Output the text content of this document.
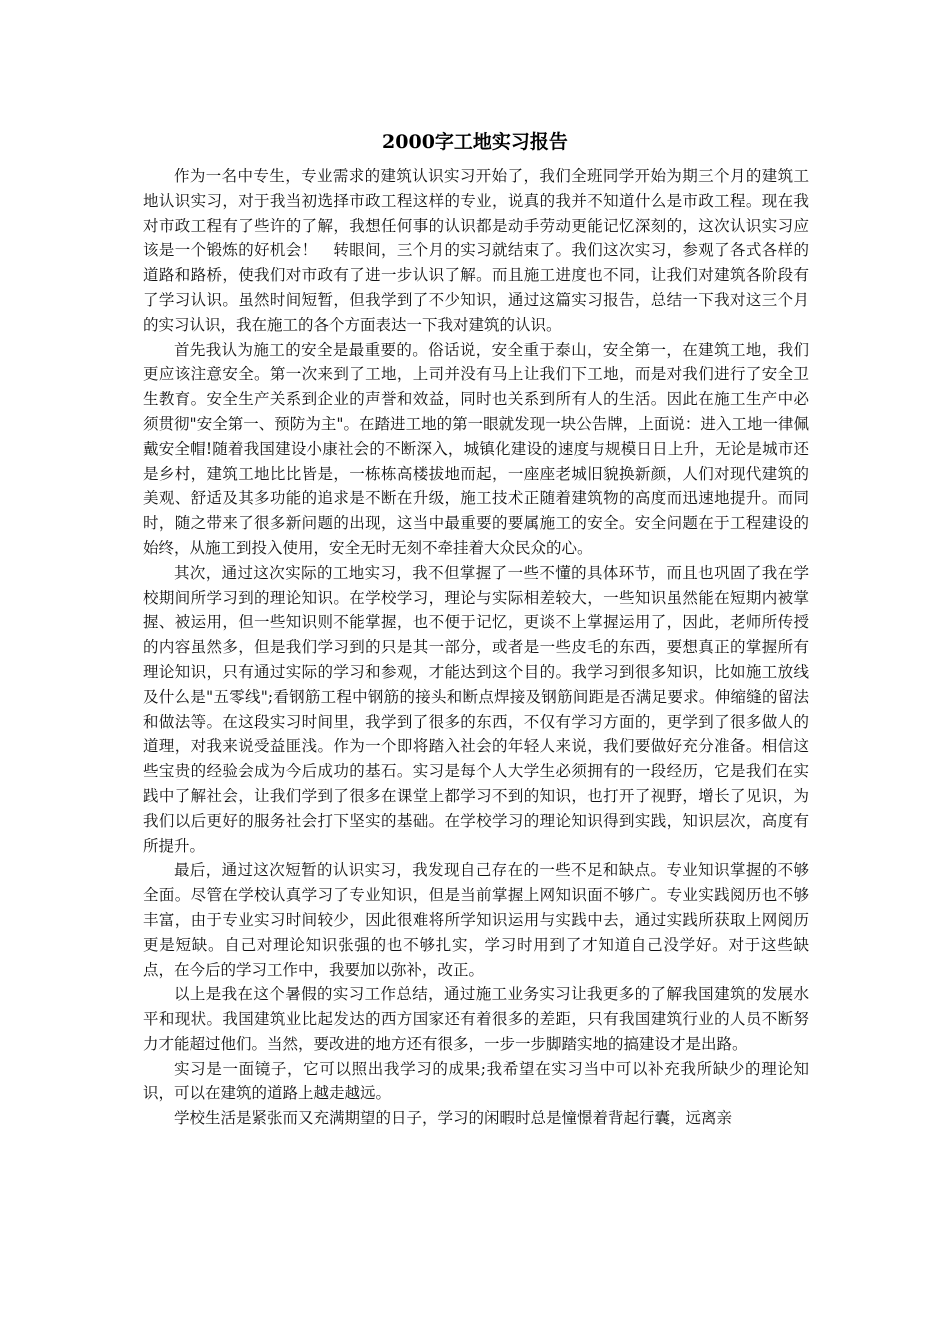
2000字工地实习报告

作为一名中专生，专业需求的建筑认识实习开始了，我们全班同学开始为期三个月的建筑工地认识实习，对于我当初选择市政工程这样的专业，说真的我并不知道什么是市政工程。现在我对市政工程有了些许的了解，我想任何事的认识都是动手劳动更能记忆深刻的，这次认识实习应该是一个锻炼的好机会！　转眼间，三个月的实习就结束了。我们这次实习，参观了各式各样的道路和路桥，使我们对市政有了进一步认识了解。而且施工进度也不同，让我们对建筑各阶段有了学习认识。虽然时间短暂，但我学到了不少知识，通过这篇实习报告，总结一下我对这三个月的实习认识，我在施工的各个方面表达一下我对建筑的认识。

首先我认为施工的安全是最重要的。俗话说，安全重于泰山，安全第一，在建筑工地，我们更应该注意安全。第一次来到了工地，上司并没有马上让我们下工地，而是对我们进行了安全卫生教育。安全生产关系到企业的声誉和效益，同时也关系到所有人的生活。因此在施工生产中必须贯彻"安全第一、预防为主"。在踏进工地的第一眼就发现一块公告牌，上面说：进入工地一律佩戴安全帽!随着我国建设小康社会的不断深入，城镇化建设的速度与规模日日上升，无论是城市还是乡村，建筑工地比比皆是，一栋栋高楼拔地而起，一座座老城旧貌换新颜，人们对现代建筑的美观、舒适及其多功能的追求是不断在升级，施工技术正随着建筑物的高度而迅速地提升。而同时，随之带来了很多新问题的出现，这当中最重要的要属施工的安全。安全问题在于工程建设的始终，从施工到投入使用，安全无时无刻不牵挂着大众民众的心。

其次，通过这次实际的工地实习，我不但掌握了一些不懂的具体环节，而且也巩固了我在学校期间所学习到的理论知识。在学校学习，理论与实际相差较大，一些知识虽然能在短期内被掌握、被运用，但一些知识则不能掌握，也不便于记忆，更谈不上掌握运用了，因此，老师所传授的内容虽然多，但是我们学习到的只是其一部分，或者是一些皮毛的东西，要想真正的掌握所有理论知识，只有通过实际的学习和参观，才能达到这个目的。我学习到很多知识，比如施工放线及什么是"五零线";看钢筋工程中钢筋的接头和断点焊接及钢筋间距是否满足要求。伸缩缝的留法和做法等。在这段实习时间里，我学到了很多的东西，不仅有学习方面的，更学到了很多做人的道理，对我来说受益匪浅。作为一个即将踏入社会的年轻人来说，我们要做好充分准备。相信这些宝贵的经验会成为今后成功的基石。实习是每个人大学生必须拥有的一段经历，它是我们在实践中了解社会，让我们学到了很多在课堂上都学习不到的知识，也打开了视野，增长了见识，为我们以后更好的服务社会打下坚实的基础。在学校学习的理论知识得到实践，知识层次，高度有所提升。

最后，通过这次短暂的认识实习，我发现自己存在的一些不足和缺点。专业知识掌握的不够全面。尽管在学校认真学习了专业知识，但是当前掌握上网知识面不够广。专业实践阅历也不够丰富，由于专业实习时间较少，因此很难将所学知识运用与实践中去，通过实践所获取上网阅历更是短缺。自己对理论知识张强的也不够扎实，学习时用到了才知道自己没学好。对于这些缺点，在今后的学习工作中，我要加以弥补，改正。

以上是我在这个暑假的实习工作总结，通过施工业务实习让我更多的了解我国建筑的发展水平和现状。我国建筑业比起发达的西方国家还有着很多的差距，只有我国建筑行业的人员不断努力才能超过他们。当然，要改进的地方还有很多，一步一步脚踏实地的搞建设才是出路。

实习是一面镜子，它可以照出我学习的成果;我希望在实习当中可以补充我所缺少的理论知识，可以在建筑的道路上越走越远。

学校生活是紧张而又充满期望的日子，学习的闲暇时总是憧憬着背起行囊，远离亲
